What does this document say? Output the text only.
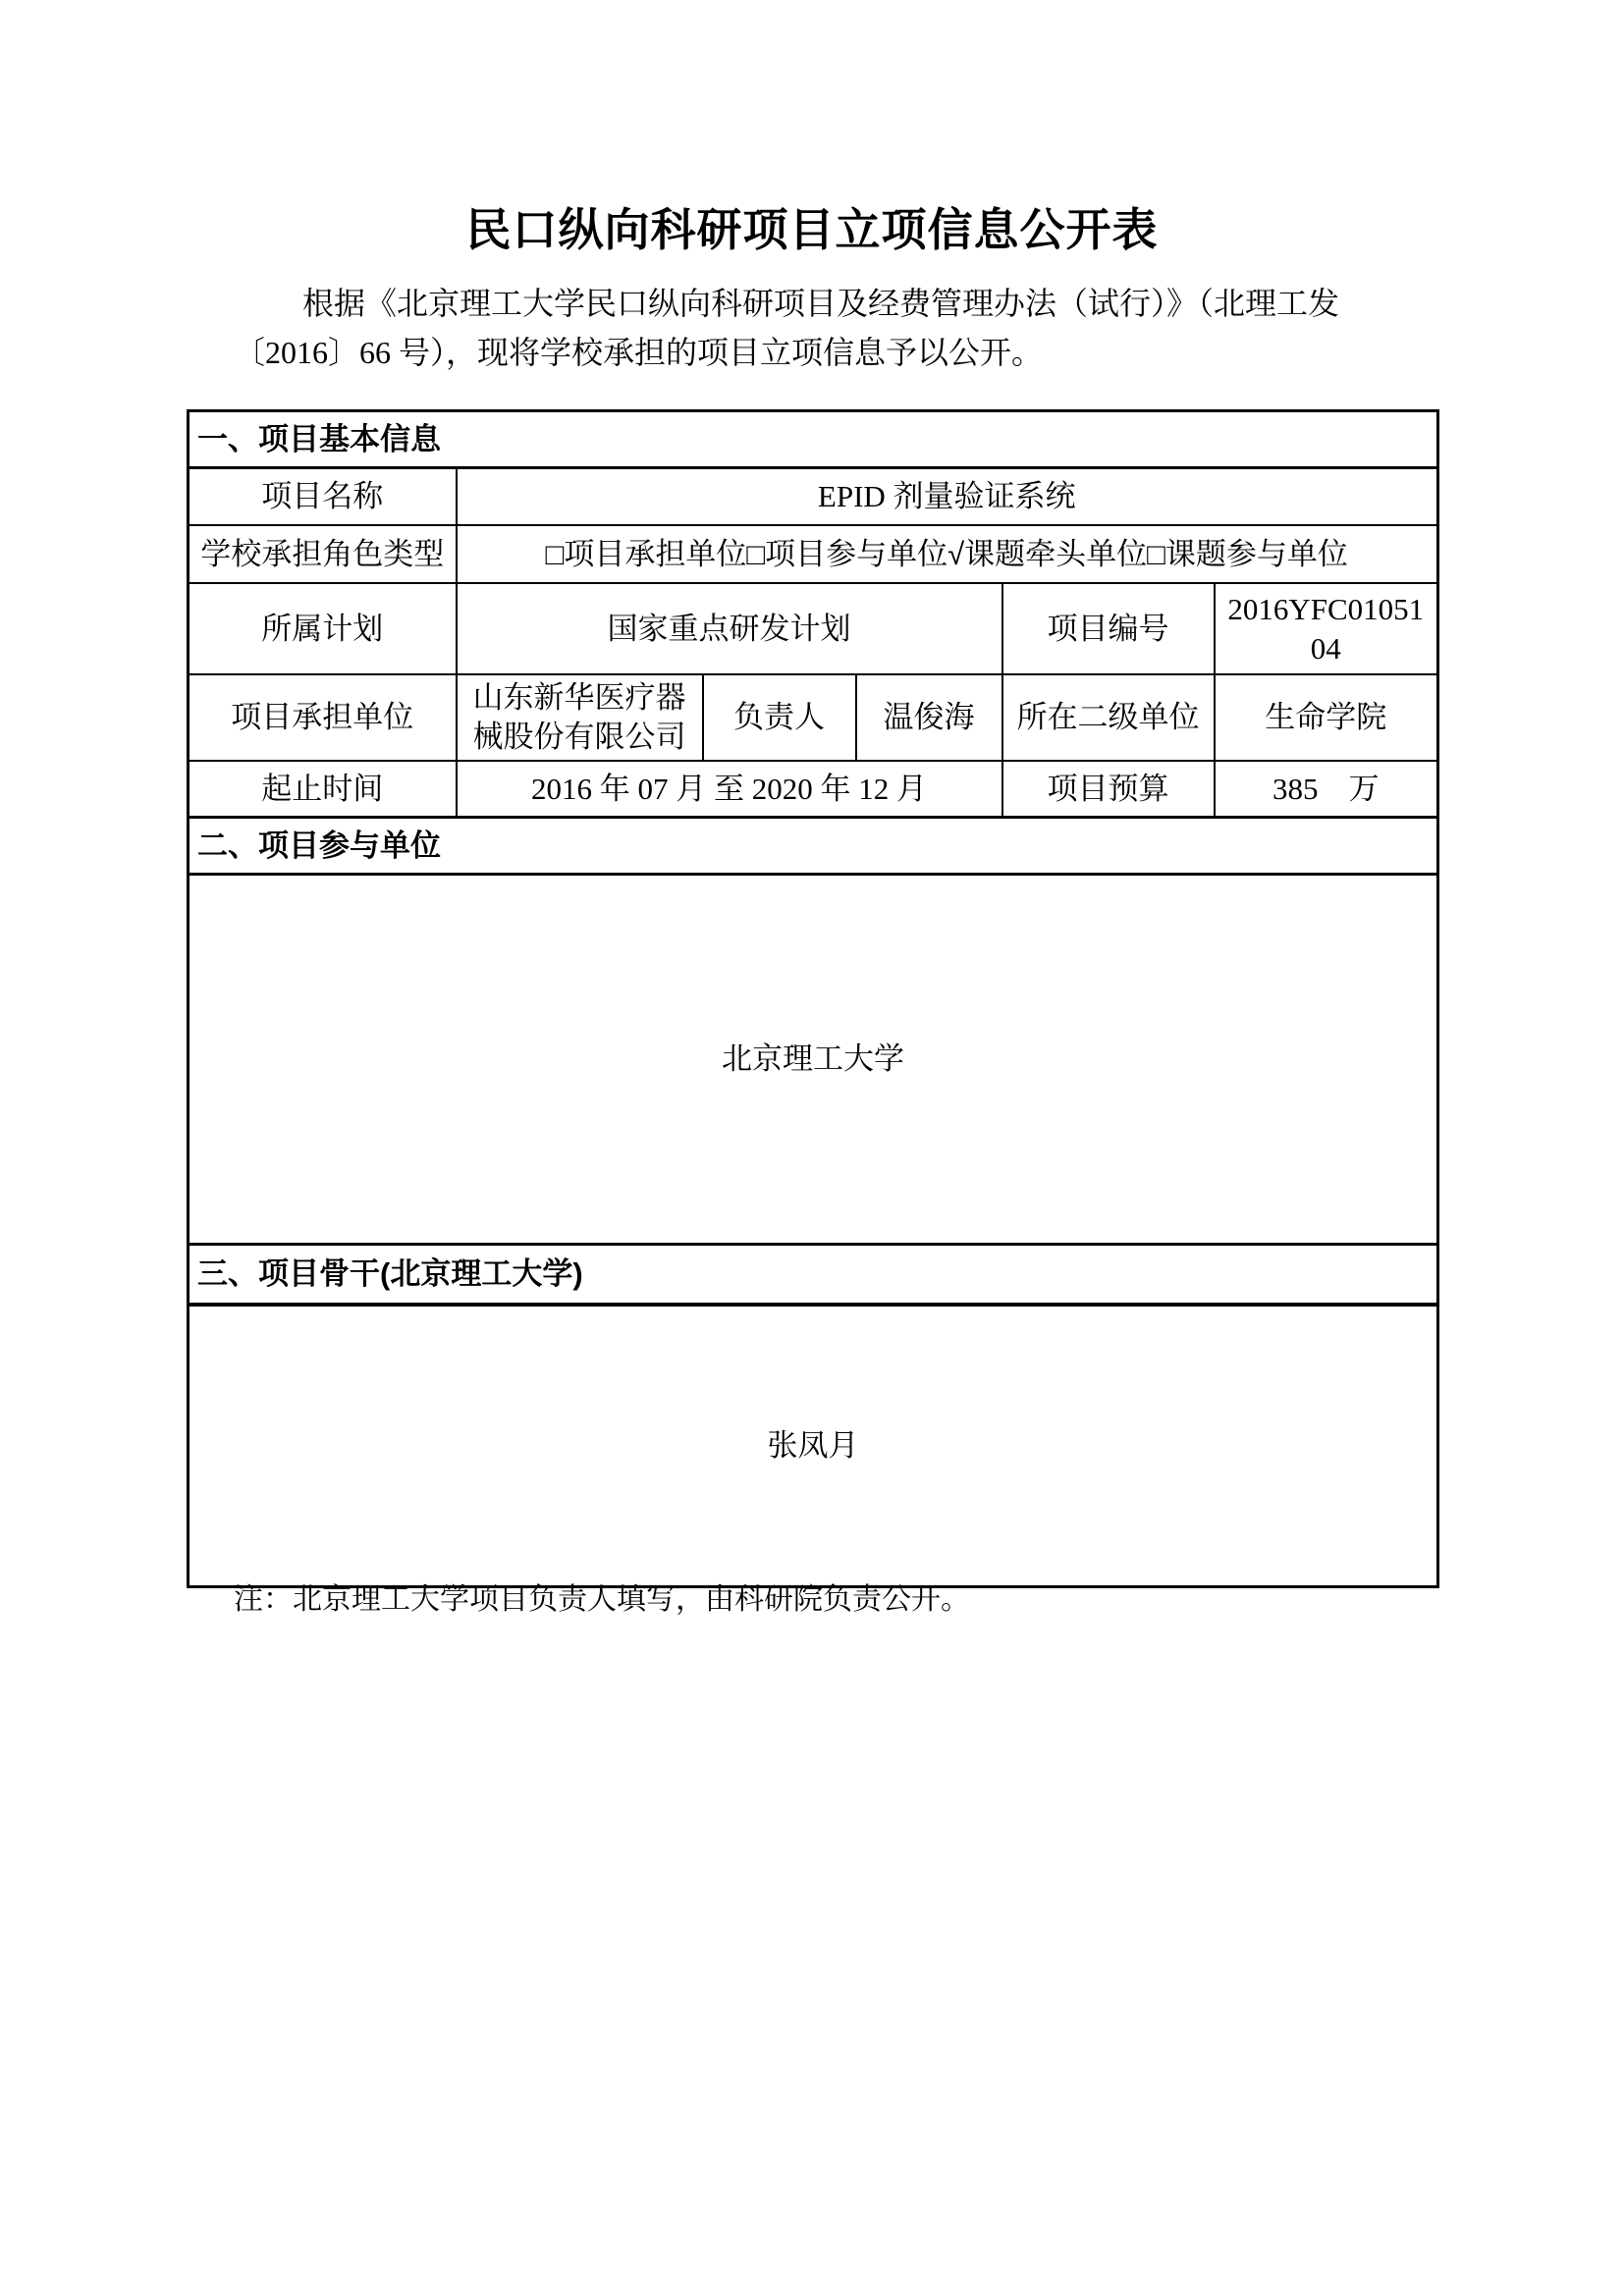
民口纵向科研项目立项信息公开表
根据《北京理工大学民口纵向科研项目及经费管理办法（试行）》（北理工发
〔2016〕66 号），现将学校承担的项目立项信息予以公开。
一、项目基本信息					
项目名称	EPID 剂量验证系统				
学校承担角色类型	□项目承担单位□项目参与单位√课题牵头单位□课题参与单位				
所属计划	国家重点研发计划			项目编号	2016YFC0105104
项目承担单位	山东新华医疗器械股份有限公司	负责人	温俊海	所在二级单位	生命学院
起止时间	2016 年 07 月 至 2020 年 12 月			项目预算	385　万
二、项目参与单位					
北京理工大学					
三、项目骨干(北京理工大学)					
张凤月					
注：北京理工大学项目负责人填写，由科研院负责公开。
